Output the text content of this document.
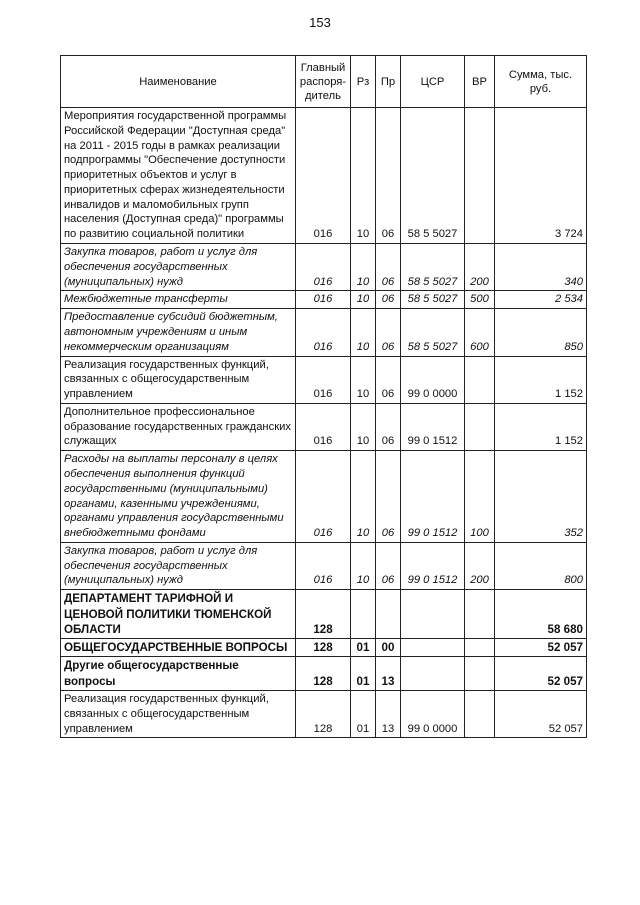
153
Наименование	Главный распоря-дитель	Рз	Пр	ЦСР	ВР	Сумма, тыс. руб.
Мероприятия государственной программы Российской Федерации "Доступная среда" на 2011 - 2015 годы в рамках реализации подпрограммы "Обеспечение доступности приоритетных объектов и услуг в приоритетных сферах жизнедеятельности инвалидов и маломобильных групп населения (Доступная среда)" программы по развитию социальной политики	016	10	06	58 5 5027		3 724
Закупка товаров, работ и услуг для обеспечения государственных (муниципальных) нужд	016	10	06	58 5 5027	200	340
Межбюджетные трансферты	016	10	06	58 5 5027	500	2 534
Предоставление субсидий бюджетным, автономным учреждениям и иным некоммерческим организациям	016	10	06	58 5 5027	600	850
Реализация государственных функций, связанных с общегосударственным управлением	016	10	06	99 0 0000		1 152
Дополнительное профессиональное образование государственных гражданских служащих	016	10	06	99 0 1512		1 152
Расходы на выплаты персоналу в целях обеспечения выполнения функций государственными (муниципальными) органами, казенными учреждениями, органами управления государственными внебюджетными фондами	016	10	06	99 0 1512	100	352
Закупка товаров, работ и услуг для обеспечения государственных (муниципальных) нужд	016	10	06	99 0 1512	200	800
ДЕПАРТАМЕНТ ТАРИФНОЙ И ЦЕНОВОЙ ПОЛИТИКИ ТЮМЕНСКОЙ ОБЛАСТИ	128					58 680
ОБЩЕГОСУДАРСТВЕННЫЕ ВОПРОСЫ	128	01	00			52 057
Другие общегосударственные вопросы	128	01	13			52 057
Реализация государственных функций, связанных с общегосударственным управлением	128	01	13	99 0 0000		52 057
